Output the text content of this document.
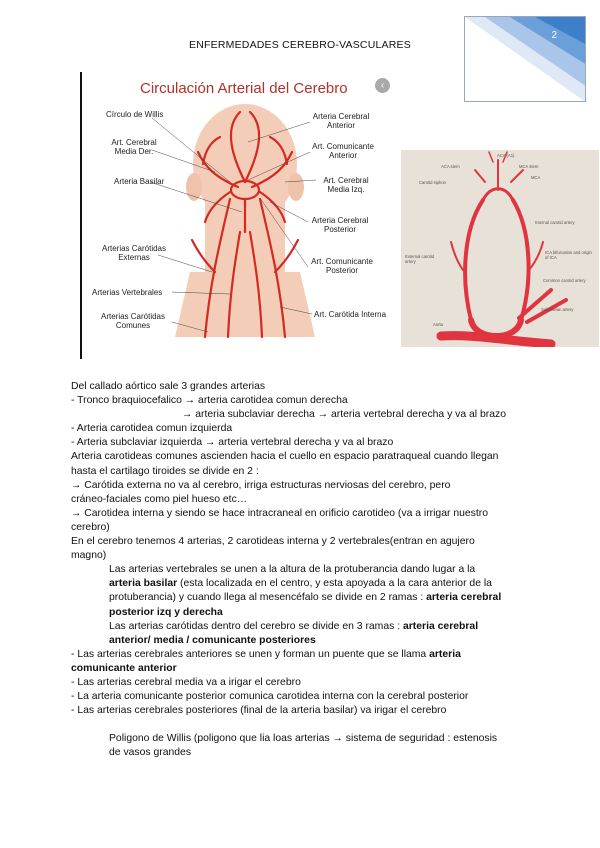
ENFERMEDADES CEREBRO-VASCULARES
2
Circulación Arterial del Cerebro	‹
Círculo de Willis
Art. Cerebral Media Der.
Arteria Basilar
Arterias Carótidas Externas
Arterias Vertebrales
Arterias Carótidas Comunes
Arteria Cerebral Anterior
Art. Comunicante Anterior
Art. Cerebral Media Izq.
Arteria Cerebral Posterior
Art. Comunicante Posterior
Art. Carótida Interna
ACA (A1)
ACA stem	MCA stem
MCA
Carotid siphon
Internal carotid artery
External carotid artery
ICA bifurcation and origin of ICA
Common carotid artery
Subclavian artery
Aorta
Del callado aórtico sale 3 grandes arterias
- Tronco braquiocefalico → arteria carotidea comun derecha
→ arteria subclaviar derecha → arteria vertebral derecha y va al brazo
- Arteria carotidea comun izquierda
- Arteria subclaviar izquierda → arteria vertebral derecha y va al brazo
Arteria carotideas comunes ascienden hacia el cuello en espacio paratraqueal cuando llegan
hasta el cartilago tiroides se divide en 2 :
→ Carótida externa no va al cerebro, irriga estructuras nerviosas del cerebro, pero
cráneo-faciales como piel hueso etc…
→ Carotidea interna y siendo se hace intracraneal en orificio carotideo (va a irrigar nuestro
cerebro)
En el cerebro tenemos 4 arterias, 2 carotideas interna y 2 vertebrales(entran en agujero
magno)
Las arterias vertebrales se unen a la altura de la protuberancia dando lugar a la
arteria basilar (esta localizada en el centro, y esta apoyada a la cara anterior de la
protuberancia) y cuando llega al mesencéfalo se divide en 2 ramas : arteria cerebral
posterior izq y derecha
Las arterias carótidas dentro del cerebro se divide en 3 ramas : arteria cerebral
anterior/ media / comunicante posteriores
- Las arterias cerebrales anteriores se unen y forman un puente que se llama arteria
comunicante anterior
- Las arterias cerebral media va a irigar el cerebro
- La arteria comunicante posterior comunica carotidea interna con la cerebral posterior
- Las arterias cerebrales posteriores (final de la arteria basilar) va irigar el cerebro
Poligono de Willis (poligono que lia loas arterias → sistema de seguridad : estenosis
de vasos grandes
